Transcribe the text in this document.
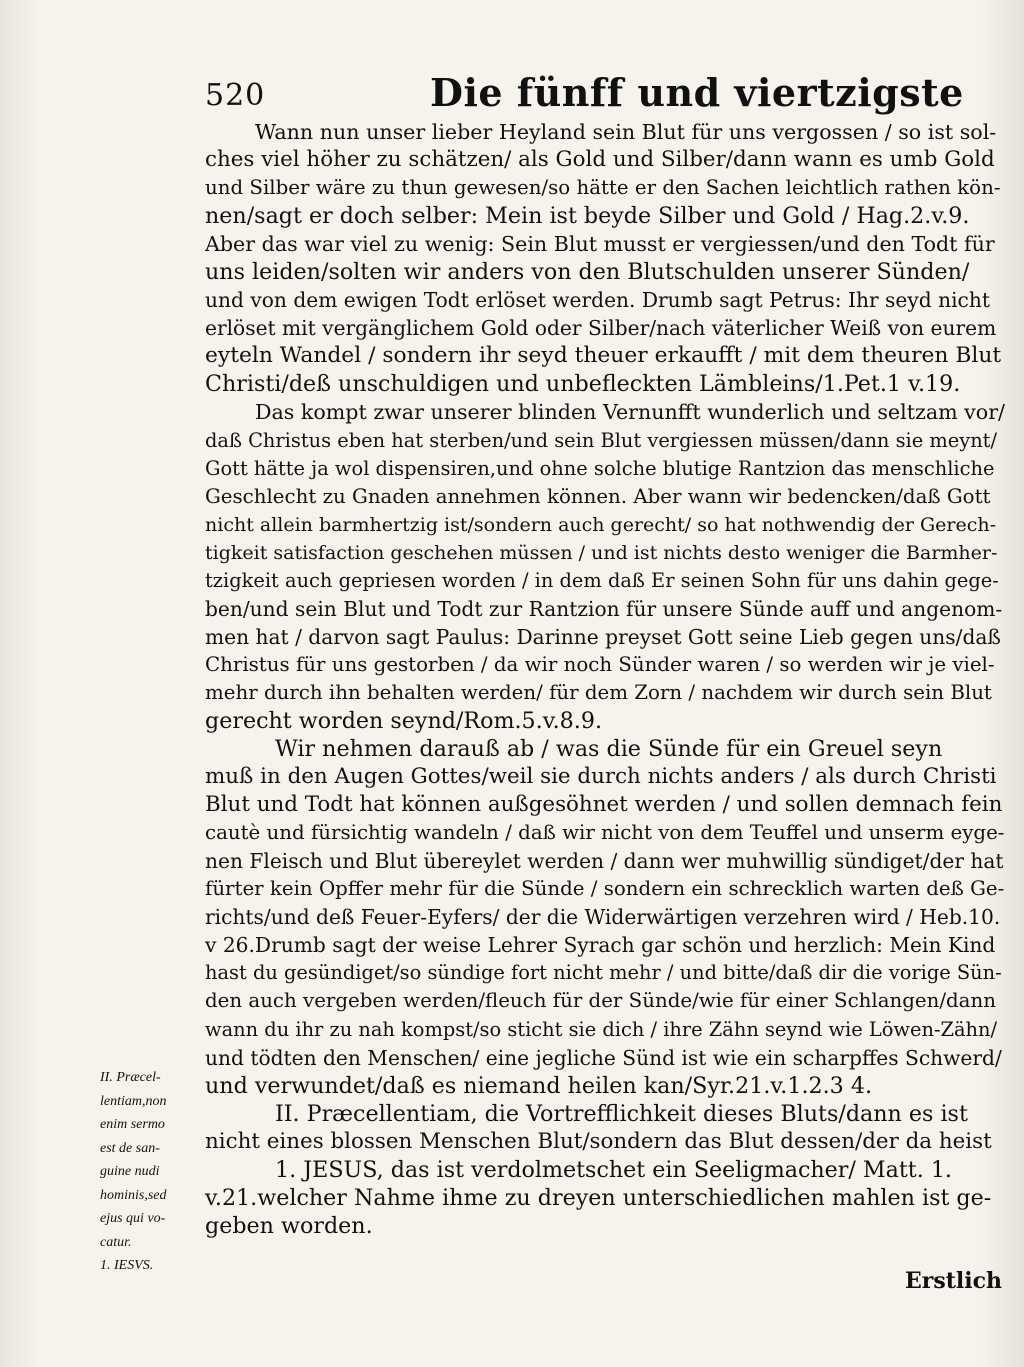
520	Die fünff und viertzigste
Wann nun unser lieber Heyland sein Blut für uns vergossen / so ist sol-
ches viel höher zu schätzen/ als Gold und Silber/dann wann es umb Gold
und Silber wäre zu thun gewesen/so hätte er den Sachen leichtlich rathen kön-
nen/sagt er doch selber: Mein ist beyde Silber und Gold / Hag.2.v.9.
Aber das war viel zu wenig: Sein Blut musst er vergiessen/und den Todt für
uns leiden/solten wir anders von den Blutschulden unserer Sünden/
und von dem ewigen Todt erlöset werden. Drumb sagt Petrus: Ihr seyd nicht
erlöset mit vergänglichem Gold oder Silber/nach väterlicher Weiß von eurem
eyteln Wandel / sondern ihr seyd theuer erkaufft / mit dem theuren Blut
Christi/deß unschuldigen und unbefleckten Lämbleins/1.Pet.1 v.19.
Das kompt zwar unserer blinden Vernunfft wunderlich und seltzam vor/
daß Christus eben hat sterben/und sein Blut vergiessen müssen/dann sie meynt/
Gott hätte ja wol dispensiren,und ohne solche blutige Rantzion das menschliche
Geschlecht zu Gnaden annehmen können. Aber wann wir bedencken/daß Gott
nicht allein barmhertzig ist/sondern auch gerecht/ so hat nothwendig der Gerech-
tigkeit satisfaction geschehen müssen / und ist nichts desto weniger die Barmher-
tzigkeit auch gepriesen worden / in dem daß Er seinen Sohn für uns dahin gege-
ben/und sein Blut und Todt zur Rantzion für unsere Sünde auff und angenom-
men hat / darvon sagt Paulus: Darinne preyset Gott seine Lieb gegen uns/daß
Christus für uns gestorben / da wir noch Sünder waren / so werden wir je viel-
mehr durch ihn behalten werden/ für dem Zorn / nachdem wir durch sein Blut
gerecht worden seynd/Rom.5.v.8.9.
Wir nehmen darauß ab / was die Sünde für ein Greuel seyn
muß in den Augen Gottes/weil sie durch nichts anders / als durch Christi
Blut und Todt hat können außgesöhnet werden / und sollen demnach fein
cautè und fürsichtig wandeln / daß wir nicht von dem Teuffel und unserm eyge-
nen Fleisch und Blut übereylet werden / dann wer muhwillig sündiget/der hat
fürter kein Opffer mehr für die Sünde / sondern ein schrecklich warten deß Ge-
richts/und deß Feuer-Eyfers/ der die Widerwärtigen verzehren wird / Heb.10.
v 26.Drumb sagt der weise Lehrer Syrach gar schön und herzlich: Mein Kind
hast du gesündiget/so sündige fort nicht mehr / und bitte/daß dir die vorige Sün-
den auch vergeben werden/fleuch für der Sünde/wie für einer Schlangen/dann
wann du ihr zu nah kompst/so sticht sie dich / ihre Zähn seynd wie Löwen-Zähn/
und tödten den Menschen/ eine jegliche Sünd ist wie ein scharpffes Schwerd/
und verwundet/daß es niemand heilen kan/Syr.21.v.1.2.3 4.
II. Præcellentiam, die Vortrefflichkeit dieses Bluts/dann es ist
nicht eines blossen Menschen Blut/sondern das Blut dessen/der da heist
1. JESUS, das ist verdolmetschet ein Seeligmacher/ Matt. 1.
v.21.welcher Nahme ihme zu dreyen unterschiedlichen mahlen ist ge-
geben worden.
II. Præcel-
lentiam,non
enim sermo
est de san-
guine nudi
hominis,sed
ejus qui vo-
catur.
1. IESVS.
Erstlich
